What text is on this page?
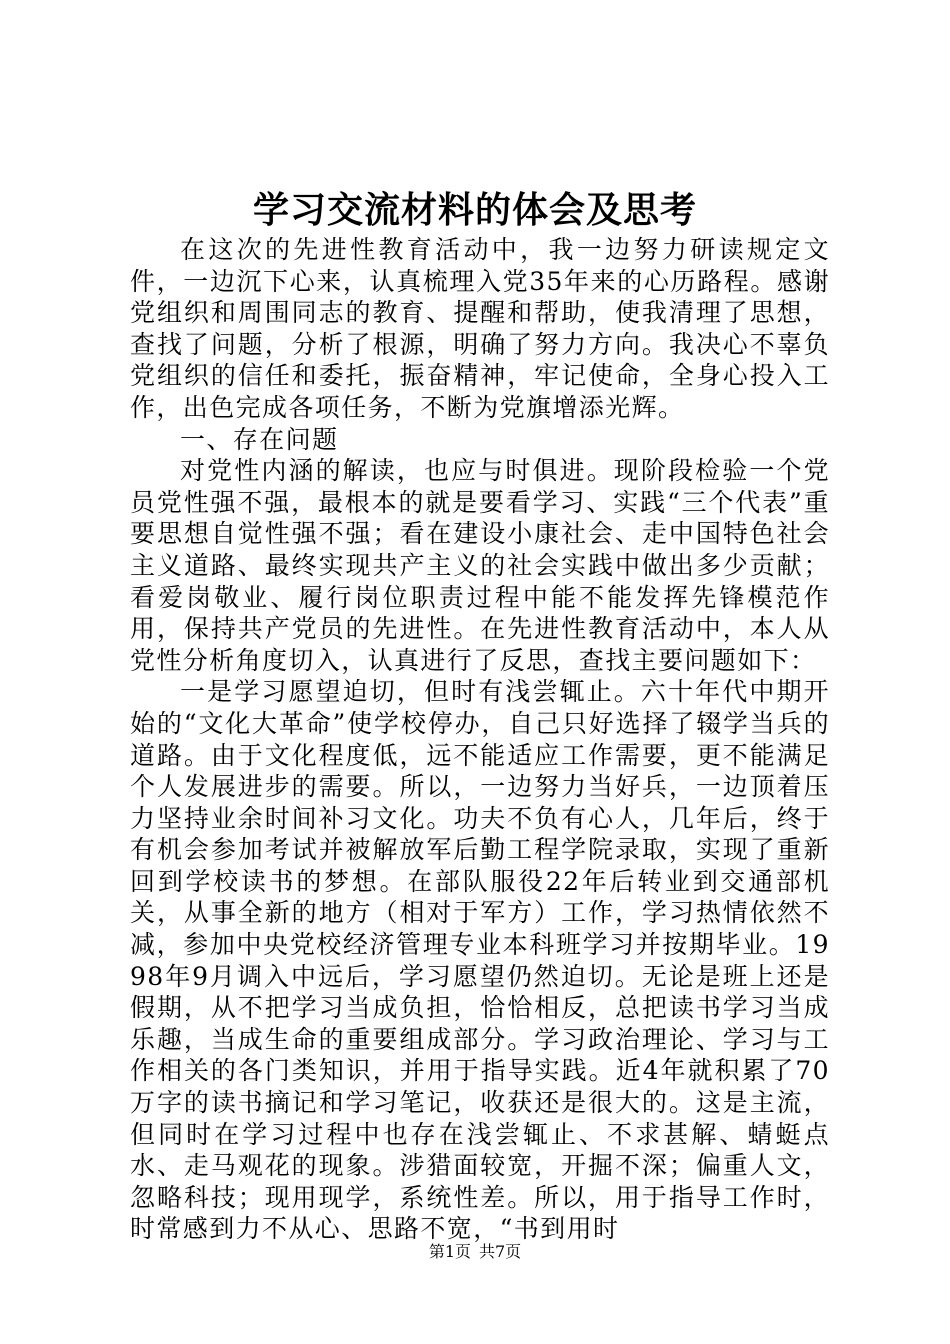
学习交流材料的体会及思考

在这次的先进性教育活动中，我一边努力研读规定文件，一边沉下心来，认真梳理入党35年来的心历路程。感谢党组织和周围同志的教育、提醒和帮助，使我清理了思想，查找了问题，分析了根源，明确了努力方向。我决心不辜负党组织的信任和委托，振奋精神，牢记使命，全身心投入工作，出色完成各项任务，不断为党旗增添光辉。

一、存在问题

对党性内涵的解读，也应与时俱进。现阶段检验一个党员党性强不强，最根本的就是要看学习、实践“三个代表”重要思想自觉性强不强；看在建设小康社会、走中国特色社会主义道路、最终实现共产主义的社会实践中做出多少贡献；看爱岗敬业、履行岗位职责过程中能不能发挥先锋模范作用，保持共产党员的先进性。在先进性教育活动中，本人从党性分析角度切入，认真进行了反思，查找主要问题如下：

一是学习愿望迫切，但时有浅尝辄止。六十年代中期开始的“文化大革命”使学校停办，自己只好选择了辍学当兵的道路。由于文化程度低，远不能适应工作需要，更不能满足个人发展进步的需要。所以，一边努力当好兵，一边顶着压力坚持业余时间补习文化。功夫不负有心人，几年后，终于有机会参加考试并被解放军后勤工程学院录取，实现了重新回到学校读书的梦想。在部队服役22年后转业到交通部机关，从事全新的地方（相对于军方）工作，学习热情依然不减，参加中央党校经济管理专业本科班学习并按期毕业。1998年9月调入中远后，学习愿望仍然迫切。无论是班上还是假期，从不把学习当成负担，恰恰相反，总把读书学习当成乐趣，当成生命的重要组成部分。学习政治理论、学习与工作相关的各门类知识，并用于指导实践。近4年就积累了70万字的读书摘记和学习笔记，收获还是很大的。这是主流，但同时在学习过程中也存在浅尝辄止、不求甚解、蜻蜓点水、走马观花的现象。涉猎面较宽，开掘不深；偏重人文，忽略科技；现用现学，系统性差。所以，用于指导工作时，时常感到力不从心、思路不宽，“书到用时

第1页 共7页
